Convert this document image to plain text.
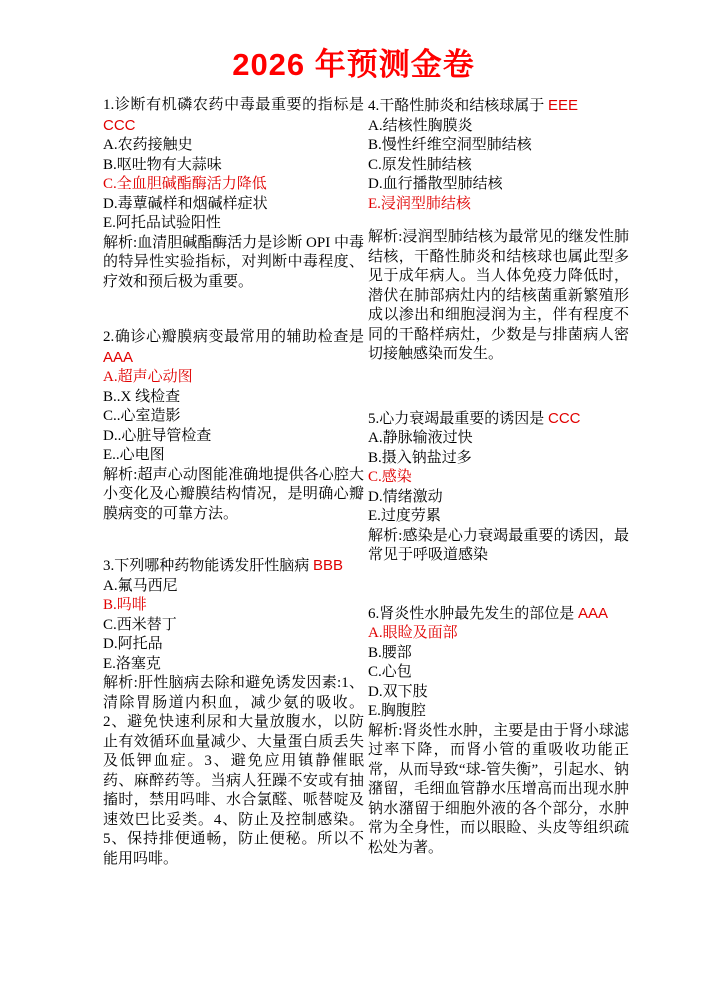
2026 年预测金卷

1.诊断有机磷农药中毒最重要的指标是 CCC

A.农药接触史

B.呕吐物有大蒜味

C.全血胆碱酯酶活力降低

D.毒蕈碱样和烟碱样症状

E.阿托品试验阳性

解析:血清胆碱酯酶活力是诊断 OPI 中毒的特异性实验指标，对判断中毒程度、疗效和预后极为重要。

2.确诊心瓣膜病变最常用的辅助检查是 AAA

A.超声心动图

B..X 线检查

C..心室造影

D..心脏导管检查

E..心电图

解析:超声心动图能准确地提供各心腔大小变化及心瓣膜结构情况，是明确心瓣膜病变的可靠方法。

3.下列哪种药物能诱发肝性脑病 BBB

A.氟马西尼

B.吗啡

C.西米替丁

D.阿托品

E.洛塞克

解析:肝性脑病去除和避免诱发因素:1、清除胃肠道内积血，减少氨的吸收。2、避免快速利尿和大量放腹水，以防止有效循环血量减少、大量蛋白质丢失及低钾血症。3、避免应用镇静催眠药、麻醉药等。当病人狂躁不安或有抽搐时，禁用吗啡、水合氯醛、哌替啶及速效巴比妥类。4、防止及控制感染。5、保持排便通畅，防止便秘。所以不能用吗啡。

4.干酪性肺炎和结核球属于 EEE

A.结核性胸膜炎

B.慢性纤维空洞型肺结核

C.原发性肺结核

D.血行播散型肺结核

E.浸润型肺结核

解析:浸润型肺结核为最常见的继发性肺结核，干酪性肺炎和结核球也属此型多见于成年病人。当人体免疫力降低时，潜伏在肺部病灶内的结核菌重新繁殖形成以渗出和细胞浸润为主，伴有程度不同的干酪样病灶，少数是与排菌病人密切接触感染而发生。

5.心力衰竭最重要的诱因是 CCC

A.静脉输液过快

B.摄入钠盐过多

C.感染

D.情绪激动

E.过度劳累

解析:感染是心力衰竭最重要的诱因，最常见于呼吸道感染

6.肾炎性水肿最先发生的部位是 AAA

A.眼睑及面部

B.腰部

C.心包

D.双下肢

E.胸腹腔

解析:肾炎性水肿，主要是由于肾小球滤过率下降，而肾小管的重吸收功能正常，从而导致“球-管失衡”，引起水、钠潴留，毛细血管静水压增高而出现水肿钠水潴留于细胞外液的各个部分，水肿常为全身性，而以眼睑、头皮等组织疏松处为著。
